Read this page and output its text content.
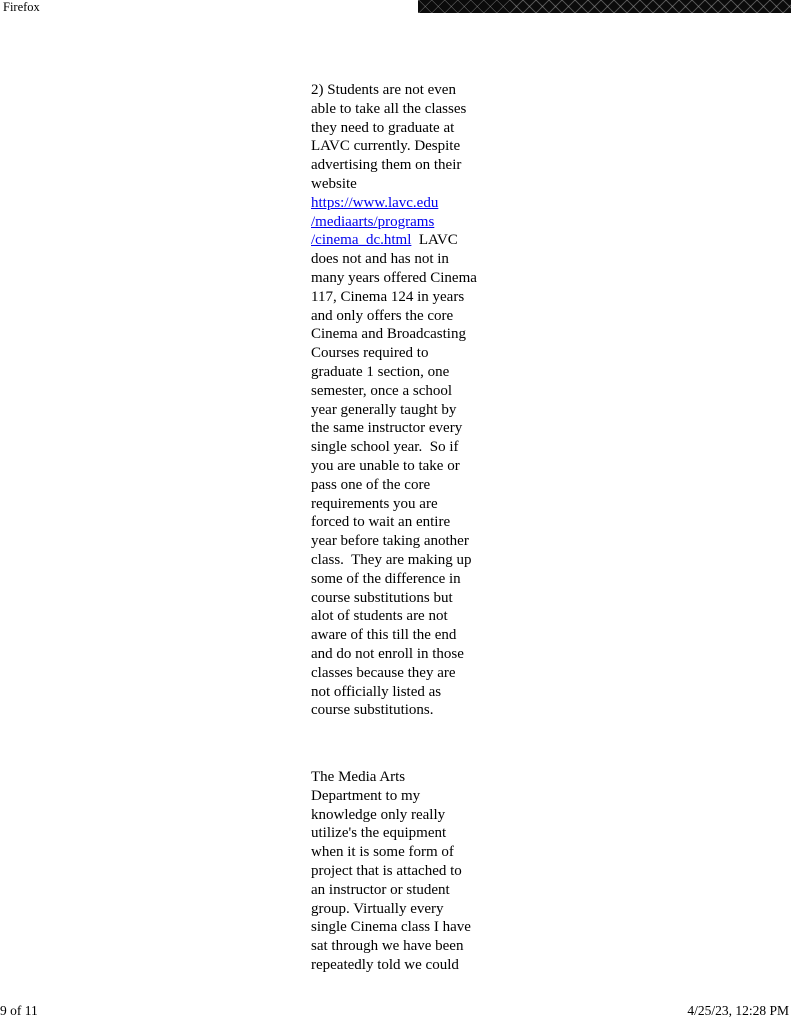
Firefox
2) Students are not even
able to take all the classes
they need to graduate at
LAVC currently. Despite
advertising them on their
website
https://www.lavc.edu
/mediaarts/programs
/cinema_dc.html  LAVC
does not and has not in
many years offered Cinema
117, Cinema 124 in years
and only offers the core
Cinema and Broadcasting
Courses required to
graduate 1 section, one
semester, once a school
year generally taught by
the same instructor every
single school year.  So if
you are unable to take or
pass one of the core
requirements you are
forced to wait an entire
year before taking another
class.  They are making up
some of the difference in
course substitutions but
alot of students are not
aware of this till the end
and do not enroll in those
classes because they are
not officially listed as
course substitutions.
The Media Arts
Department to my
knowledge only really
utilize's the equipment
when it is some form of
project that is attached to
an instructor or student
group. Virtually every
single Cinema class I have
sat through we have been
repeatedly told we could
9 of 11	4/25/23, 12:28 PM
